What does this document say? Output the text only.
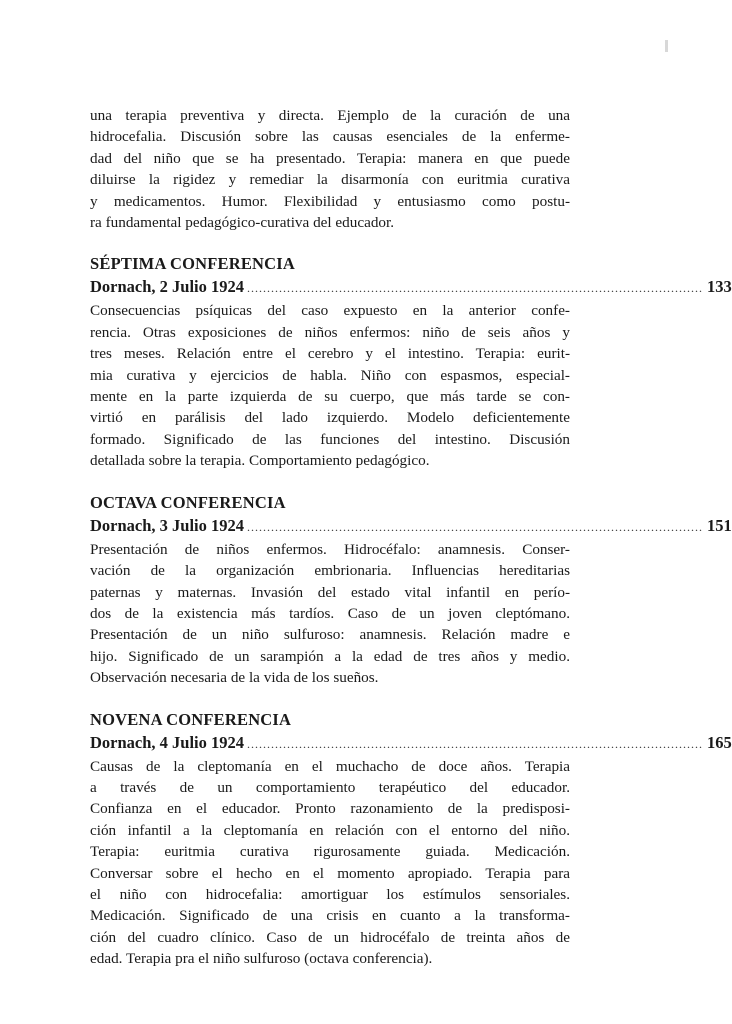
una terapia preventiva y directa. Ejemplo de la curación de una
hidrocefalia. Discusión sobre las causas esenciales de la enferme-
dad del niño que se ha presentado. Terapia: manera en que puede
diluirse la rigidez y remediar la disarmonía con euritmia curativa
y medicamentos. Humor. Flexibilidad y entusiasmo como postu-
ra fundamental pedagógico-curativa del educador.

SÉPTIMA CONFERENCIA

Dornach, 2 Julio 1924 .................................................................................................................. 133

Consecuencias psíquicas del caso expuesto en la anterior confe-
rencia. Otras exposiciones de niños enfermos: niño de seis años y
tres meses. Relación entre el cerebro y el intestino. Terapia: eurit-
mia curativa y ejercicios de habla. Niño con espasmos, especial-
mente en la parte izquierda de su cuerpo, que más tarde se con-
virtió en parálisis del lado izquierdo. Modelo deficientemente
formado. Significado de las funciones del intestino. Discusión
detallada sobre la terapia. Comportamiento pedagógico.

OCTAVA CONFERENCIA

Dornach, 3 Julio 1924 .................................................................................................................. 151

Presentación de niños enfermos. Hidrocéfalo: anamnesis. Conser-
vación de la organización embrionaria. Influencias hereditarias
paternas y maternas. Invasión del estado vital infantil en perío-
dos de la existencia más tardíos. Caso de un joven cleptómano.
Presentación de un niño sulfuroso: anamnesis. Relación madre e
hijo. Significado de un sarampión a la edad de tres años y medio.
Observación necesaria de la vida de los sueños.

NOVENA CONFERENCIA

Dornach, 4 Julio 1924 .................................................................................................................. 165

Causas de la cleptomanía en el muchacho de doce años. Terapia
a través de un comportamiento terapéutico del educador.
Confianza en el educador. Pronto razonamiento de la predisposi-
ción infantil a la cleptomanía en relación con el entorno del niño.
Terapia: euritmia curativa rigurosamente guiada. Medicación.
Conversar sobre el hecho en el momento apropiado. Terapia para
el niño con hidrocefalia: amortiguar los estímulos sensoriales.
Medicación. Significado de una crisis en cuanto a la transforma-
ción del cuadro clínico. Caso de un hidrocéfalo de treinta años de
edad. Terapia pra el niño sulfuroso (octava conferencia).
